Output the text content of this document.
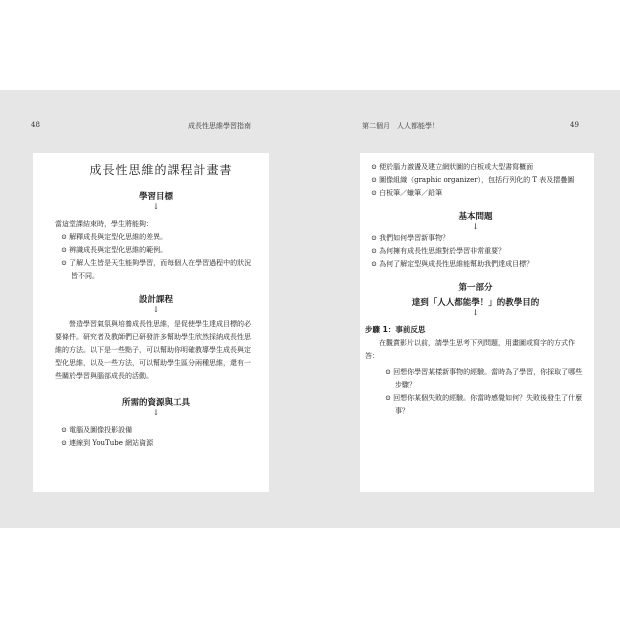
48	成長性思維學習指南
成長性思維的課程計畫書
學習目標
↓

當這堂課結束時，學生將能夠：

⊙ 解釋成長與定型化思維的差異。

⊙ 辨識成長與定型化思維的範例。

⊙ 了解人生皆是天生能夠學習，而每個人在學習過程中的狀況皆不同。

設計課程
↓

營造學習氣氛與培養成長性思維，是促使學生達成目標的必要條件。研究者及教師們已研發許多幫助學生欣然採納成長性思維的方法。以下是一些點子，可以幫助你明確教導學生成長與定型化思維，以及一些方法，可以幫助學生區分兩種思維，還有一些關於學習與腦部成長的活動。

所需的資源與工具
↓

⊙ 電腦及圖像投影設備

⊙ 連線到 YouTube 網站資源

第二個月　人人都能學！	49

⊙ 便於腦力激盪及建立網狀圖的白板或大型書寫櫃面

⊙ 圖像組織（graphic organizer），包括行列化的 T 表及摺疊圖

⊙ 白板筆／蠟筆／鉛筆

基本問題
↓

⊙ 我們如何學習新事物？

⊙ 為何擁有成長性思維對於學習非常重要？

⊙ 為何了解定型與成長性思維能幫助我們達成目標？

第一部分
達到「人人都能學！」的教學目的
↓
步驟 1：事前反思

在觀賞影片以前，請學生思考下列問題，用畫圖或寫字的方式作答：

⊙ 回想你學習某樣新事物的經驗。當時為了學習，你採取了哪些步驟？

⊙ 回想你某個失敗的經驗。你當時感覺如何？失敗後發生了什麼事？
